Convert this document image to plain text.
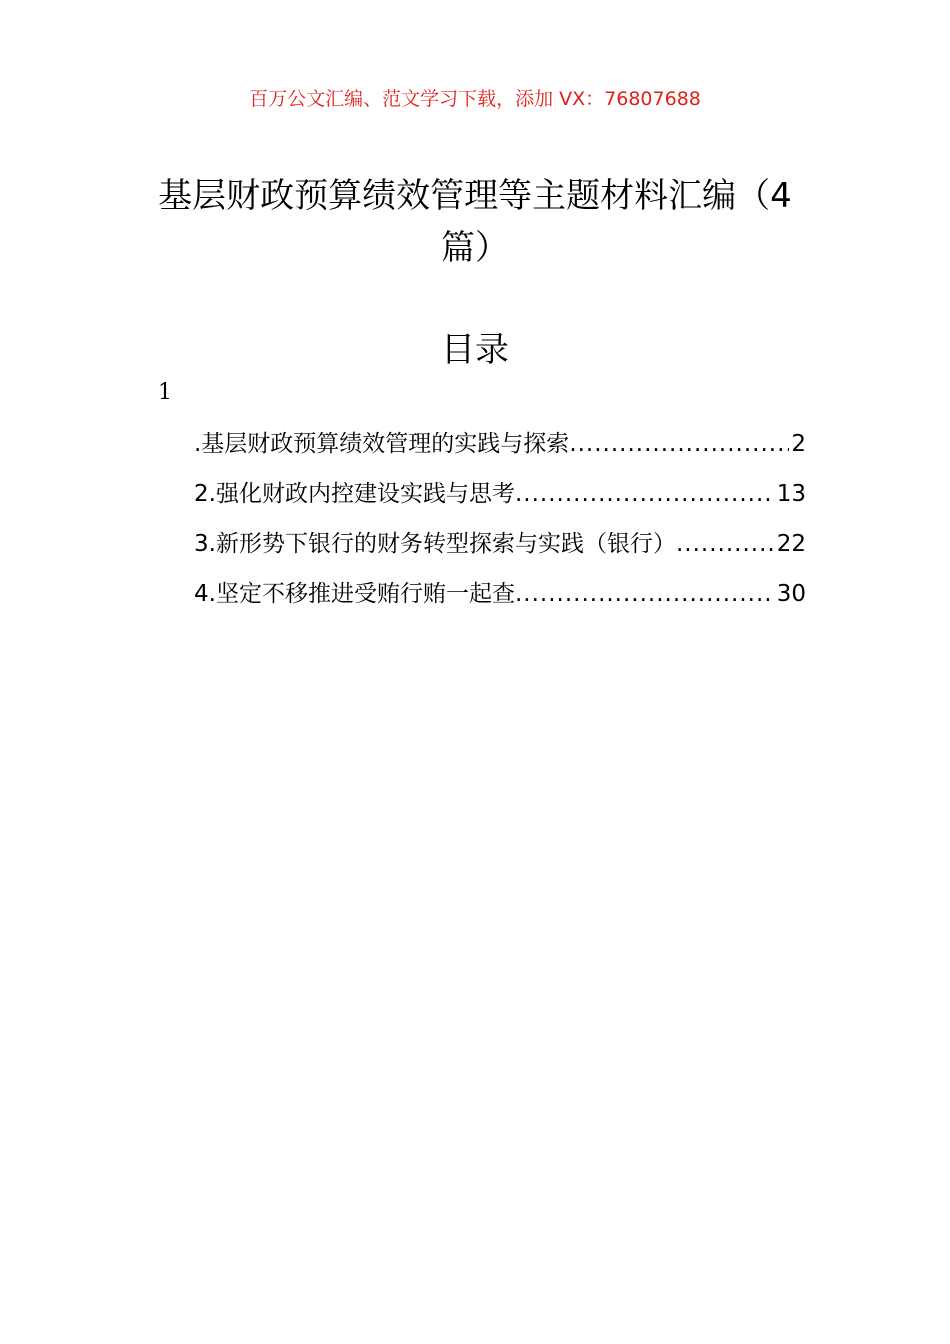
百万公文汇编、范文学习下载，添加 VX：76807688
基层财政预算绩效管理等主题材料汇编（4篇）
目录
1
.基层财政预算绩效管理的实践与探索 .....	2
2.强化财政内控建设实践与思考 .....	13
3.新形势下银行的财务转型探索与实践（银行） .....	22
4.坚定不移推进受贿行贿一起查 .....	30
